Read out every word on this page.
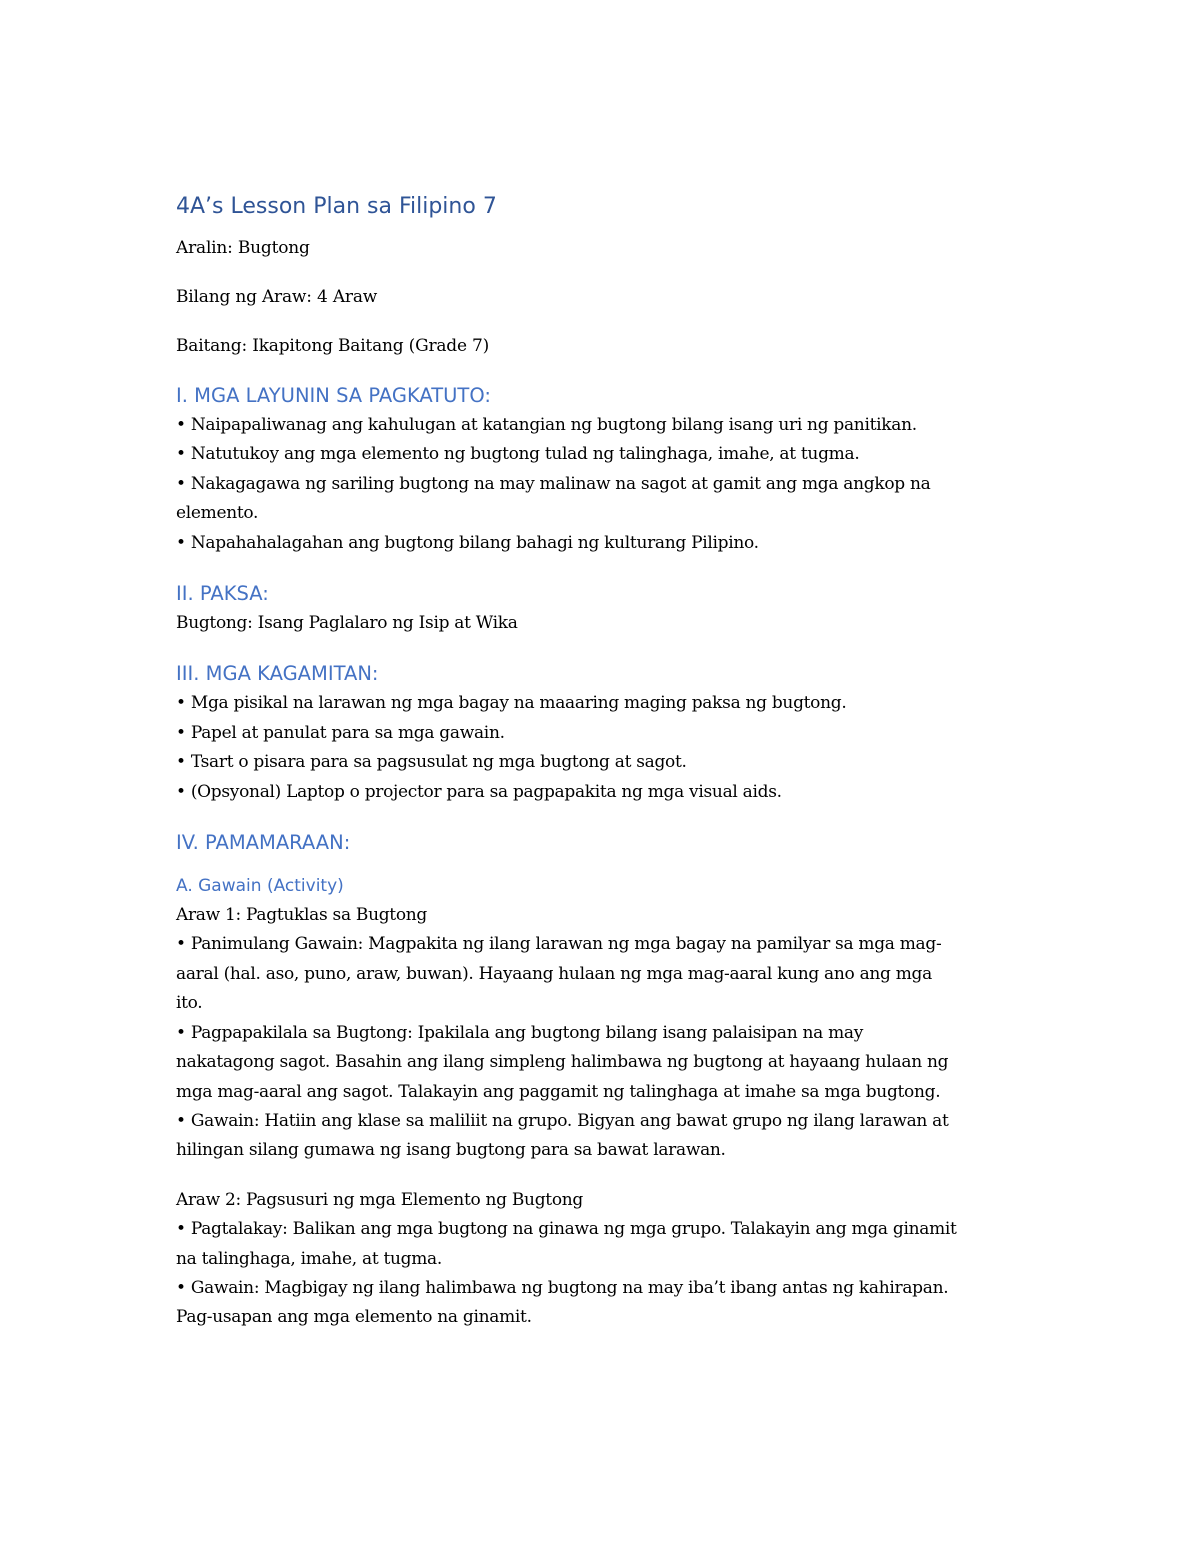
4A’s Lesson Plan sa Filipino 7

Aralin: Bugtong

Bilang ng Araw: 4 Araw

Baitang: Ikapitong Baitang (Grade 7)

I. MGA LAYUNIN SA PAGKATUTO:

• Naipapaliwanag ang kahulugan at katangian ng bugtong bilang isang uri ng panitikan.

• Natutukoy ang mga elemento ng bugtong tulad ng talinghaga, imahe, at tugma.

• Nakagagawa ng sariling bugtong na may malinaw na sagot at gamit ang mga angkop na

elemento.

• Napahahalagahan ang bugtong bilang bahagi ng kulturang Pilipino.

II. PAKSA:

Bugtong: Isang Paglalaro ng Isip at Wika

III. MGA KAGAMITAN:

• Mga pisikal na larawan ng mga bagay na maaaring maging paksa ng bugtong.

• Papel at panulat para sa mga gawain.

• Tsart o pisara para sa pagsusulat ng mga bugtong at sagot.

• (Opsyonal) Laptop o projector para sa pagpapakita ng mga visual aids.

IV. PAMAMARAAN:
A. Gawain (Activity)

Araw 1: Pagtuklas sa Bugtong

• Panimulang Gawain: Magpakita ng ilang larawan ng mga bagay na pamilyar sa mga mag-

aaral (hal. aso, puno, araw, buwan). Hayaang hulaan ng mga mag-aaral kung ano ang mga

ito.

• Pagpapakilala sa Bugtong: Ipakilala ang bugtong bilang isang palaisipan na may

nakatagong sagot. Basahin ang ilang simpleng halimbawa ng bugtong at hayaang hulaan ng

mga mag-aaral ang sagot. Talakayin ang paggamit ng talinghaga at imahe sa mga bugtong.

• Gawain: Hatiin ang klase sa maliliit na grupo. Bigyan ang bawat grupo ng ilang larawan at

hilingan silang gumawa ng isang bugtong para sa bawat larawan.

Araw 2: Pagsusuri ng mga Elemento ng Bugtong

• Pagtalakay: Balikan ang mga bugtong na ginawa ng mga grupo. Talakayin ang mga ginamit

na talinghaga, imahe, at tugma.

• Gawain: Magbigay ng ilang halimbawa ng bugtong na may iba’t ibang antas ng kahirapan.

Pag-usapan ang mga elemento na ginamit.
